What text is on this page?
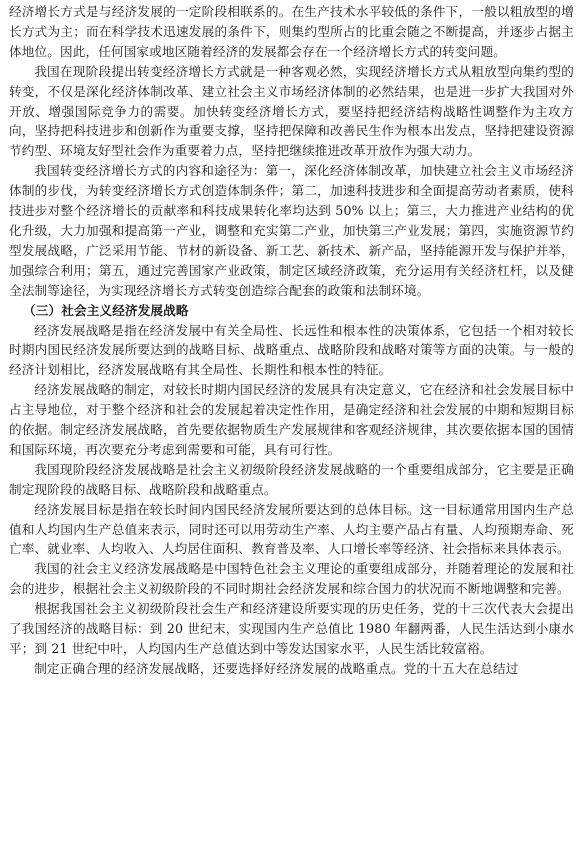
经济增长方式是与经济发展的一定阶段相联系的。在生产技术水平较低的条件下，一般以粗放型的增长方式为主；而在科学技术迅速发展的条件下，则集约型所占的比重会随之不断提高，并逐步占据主体地位。因此，任何国家或地区随着经济的发展都会存在一个经济增长方式的转变问题。

我国在现阶段提出转变经济增长方式就是一种客观必然，实现经济增长方式从粗放型向集约型的转变，不仅是深化经济体制改革、建立社会主义市场经济体制的必然结果，也是进一步扩大我国对外开放、增强国际竞争力的需要。加快转变经济增长方式，要坚持把经济结构战略性调整作为主攻方向，坚持把科技进步和创新作为重要支撑，坚持把保障和改善民生作为根本出发点，坚持把建设资源节约型、环境友好型社会作为重要着力点，坚持把继续推进改革开放作为强大动力。

我国转变经济增长方式的内容和途径为：第一，深化经济体制改革，加快建立社会主义市场经济体制的步伐，为转变经济增长方式创造体制条件；第二，加速科技进步和全面提高劳动者素质，使科技进步对整个经济增长的贡献率和科技成果转化率均达到 50% 以上；第三，大力推进产业结构的优化升级，大力加强和提高第一产业，调整和充实第二产业，加快第三产业发展；第四，实施资源节约型发展战略，广泛采用节能、节材的新设备、新工艺、新技术、新产品，坚持能源开发与保护并举，加强综合利用；第五，通过完善国家产业政策，制定区域经济政策，充分运用有关经济杠杆，以及健全法制等途径，为实现经济增长方式转变创造综合配套的政策和法制环境。

（三）社会主义经济发展战略

经济发展战略是指在经济发展中有关全局性、长远性和根本性的决策体系，它包括一个相对较长时期内国民经济发展所要达到的战略目标、战略重点、战略阶段和战略对策等方面的决策。与一般的经济计划相比，经济发展战略有其全局性、长期性和根本性的特征。

经济发展战略的制定，对较长时期内国民经济的发展具有决定意义，它在经济和社会发展目标中占主导地位，对于整个经济和社会的发展起着决定性作用，是确定经济和社会发展的中期和短期目标的依据。制定经济发展战略，首先要依据物质生产发展规律和客观经济规律，其次要依据本国的国情和国际环境，再次要充分考虑到需要和可能，具有可行性。

我国现阶段经济发展战略是社会主义初级阶段经济发展战略的一个重要组成部分，它主要是正确制定现阶段的战略目标、战略阶段和战略重点。

经济发展目标是指在较长时间内国民经济发展所要达到的总体目标。这一目标通常用国内生产总值和人均国内生产总值来表示，同时还可以用劳动生产率、人均主要产品占有量、人均预期寿命、死亡率、就业率、人均收入、人均居住面积、教育普及率、人口增长率等经济、社会指标来具体表示。

我国的社会主义经济发展战略是中国特色社会主义理论的重要组成部分，并随着理论的发展和社会的进步，根据社会主义初级阶段的不同时期社会经济发展和综合国力的状况而不断地调整和完善。

根据我国社会主义初级阶段社会生产和经济建设所要实现的历史任务，党的十三次代表大会提出了我国经济的战略目标：到 20 世纪末，实现国内生产总值比 1980 年翻两番，人民生活达到小康水平；到 21 世纪中叶，人均国内生产总值达到中等发达国家水平，人民生活比较富裕。

制定正确合理的经济发展战略，还要选择好经济发展的战略重点。党的十五大在总结过
